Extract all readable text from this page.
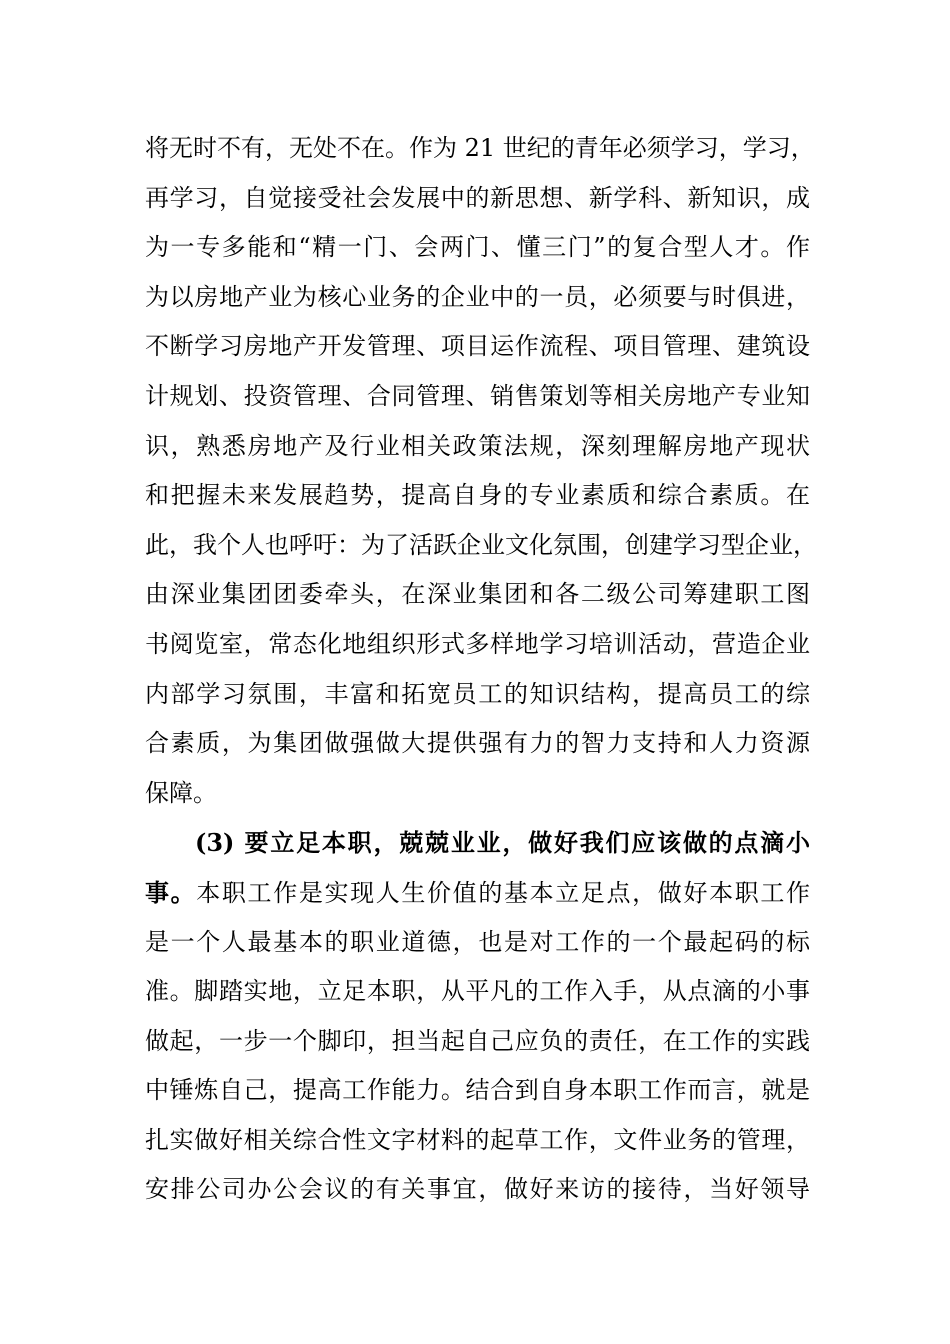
将无时不有，无处不在。作为 21 世纪的青年必须学习，学习，
再学习，自觉接受社会发展中的新思想、新学科、新知识，成
为一专多能和“精一门、会两门、懂三门”的复合型人才。作
为以房地产业为核心业务的企业中的一员，必须要与时俱进，
不断学习房地产开发管理、项目运作流程、项目管理、建筑设
计规划、投资管理、合同管理、销售策划等相关房地产专业知
识，熟悉房地产及行业相关政策法规，深刻理解房地产现状
和把握未来发展趋势，提高自身的专业素质和综合素质。在
此，我个人也呼吁：为了活跃企业文化氛围，创建学习型企业，
由深业集团团委牵头，在深业集团和各二级公司筹建职工图
书阅览室，常态化地组织形式多样地学习培训活动，营造企业
内部学习氛围，丰富和拓宽员工的知识结构，提高员工的综
合素质，为集团做强做大提供强有力的智力支持和人力资源
保障。
(3) 要立足本职，兢兢业业，做好我们应该做的点滴小
事。本职工作是实现人生价值的基本立足点，做好本职工作
是一个人最基本的职业道德，也是对工作的一个最起码的标
准。脚踏实地，立足本职，从平凡的工作入手，从点滴的小事
做起，一步一个脚印，担当起自己应负的责任，在工作的实践
中锤炼自己，提高工作能力。结合到自身本职工作而言，就是
扎实做好相关综合性文字材料的起草工作，文件业务的管理，
安排公司办公会议的有关事宜，做好来访的接待，当好领导
